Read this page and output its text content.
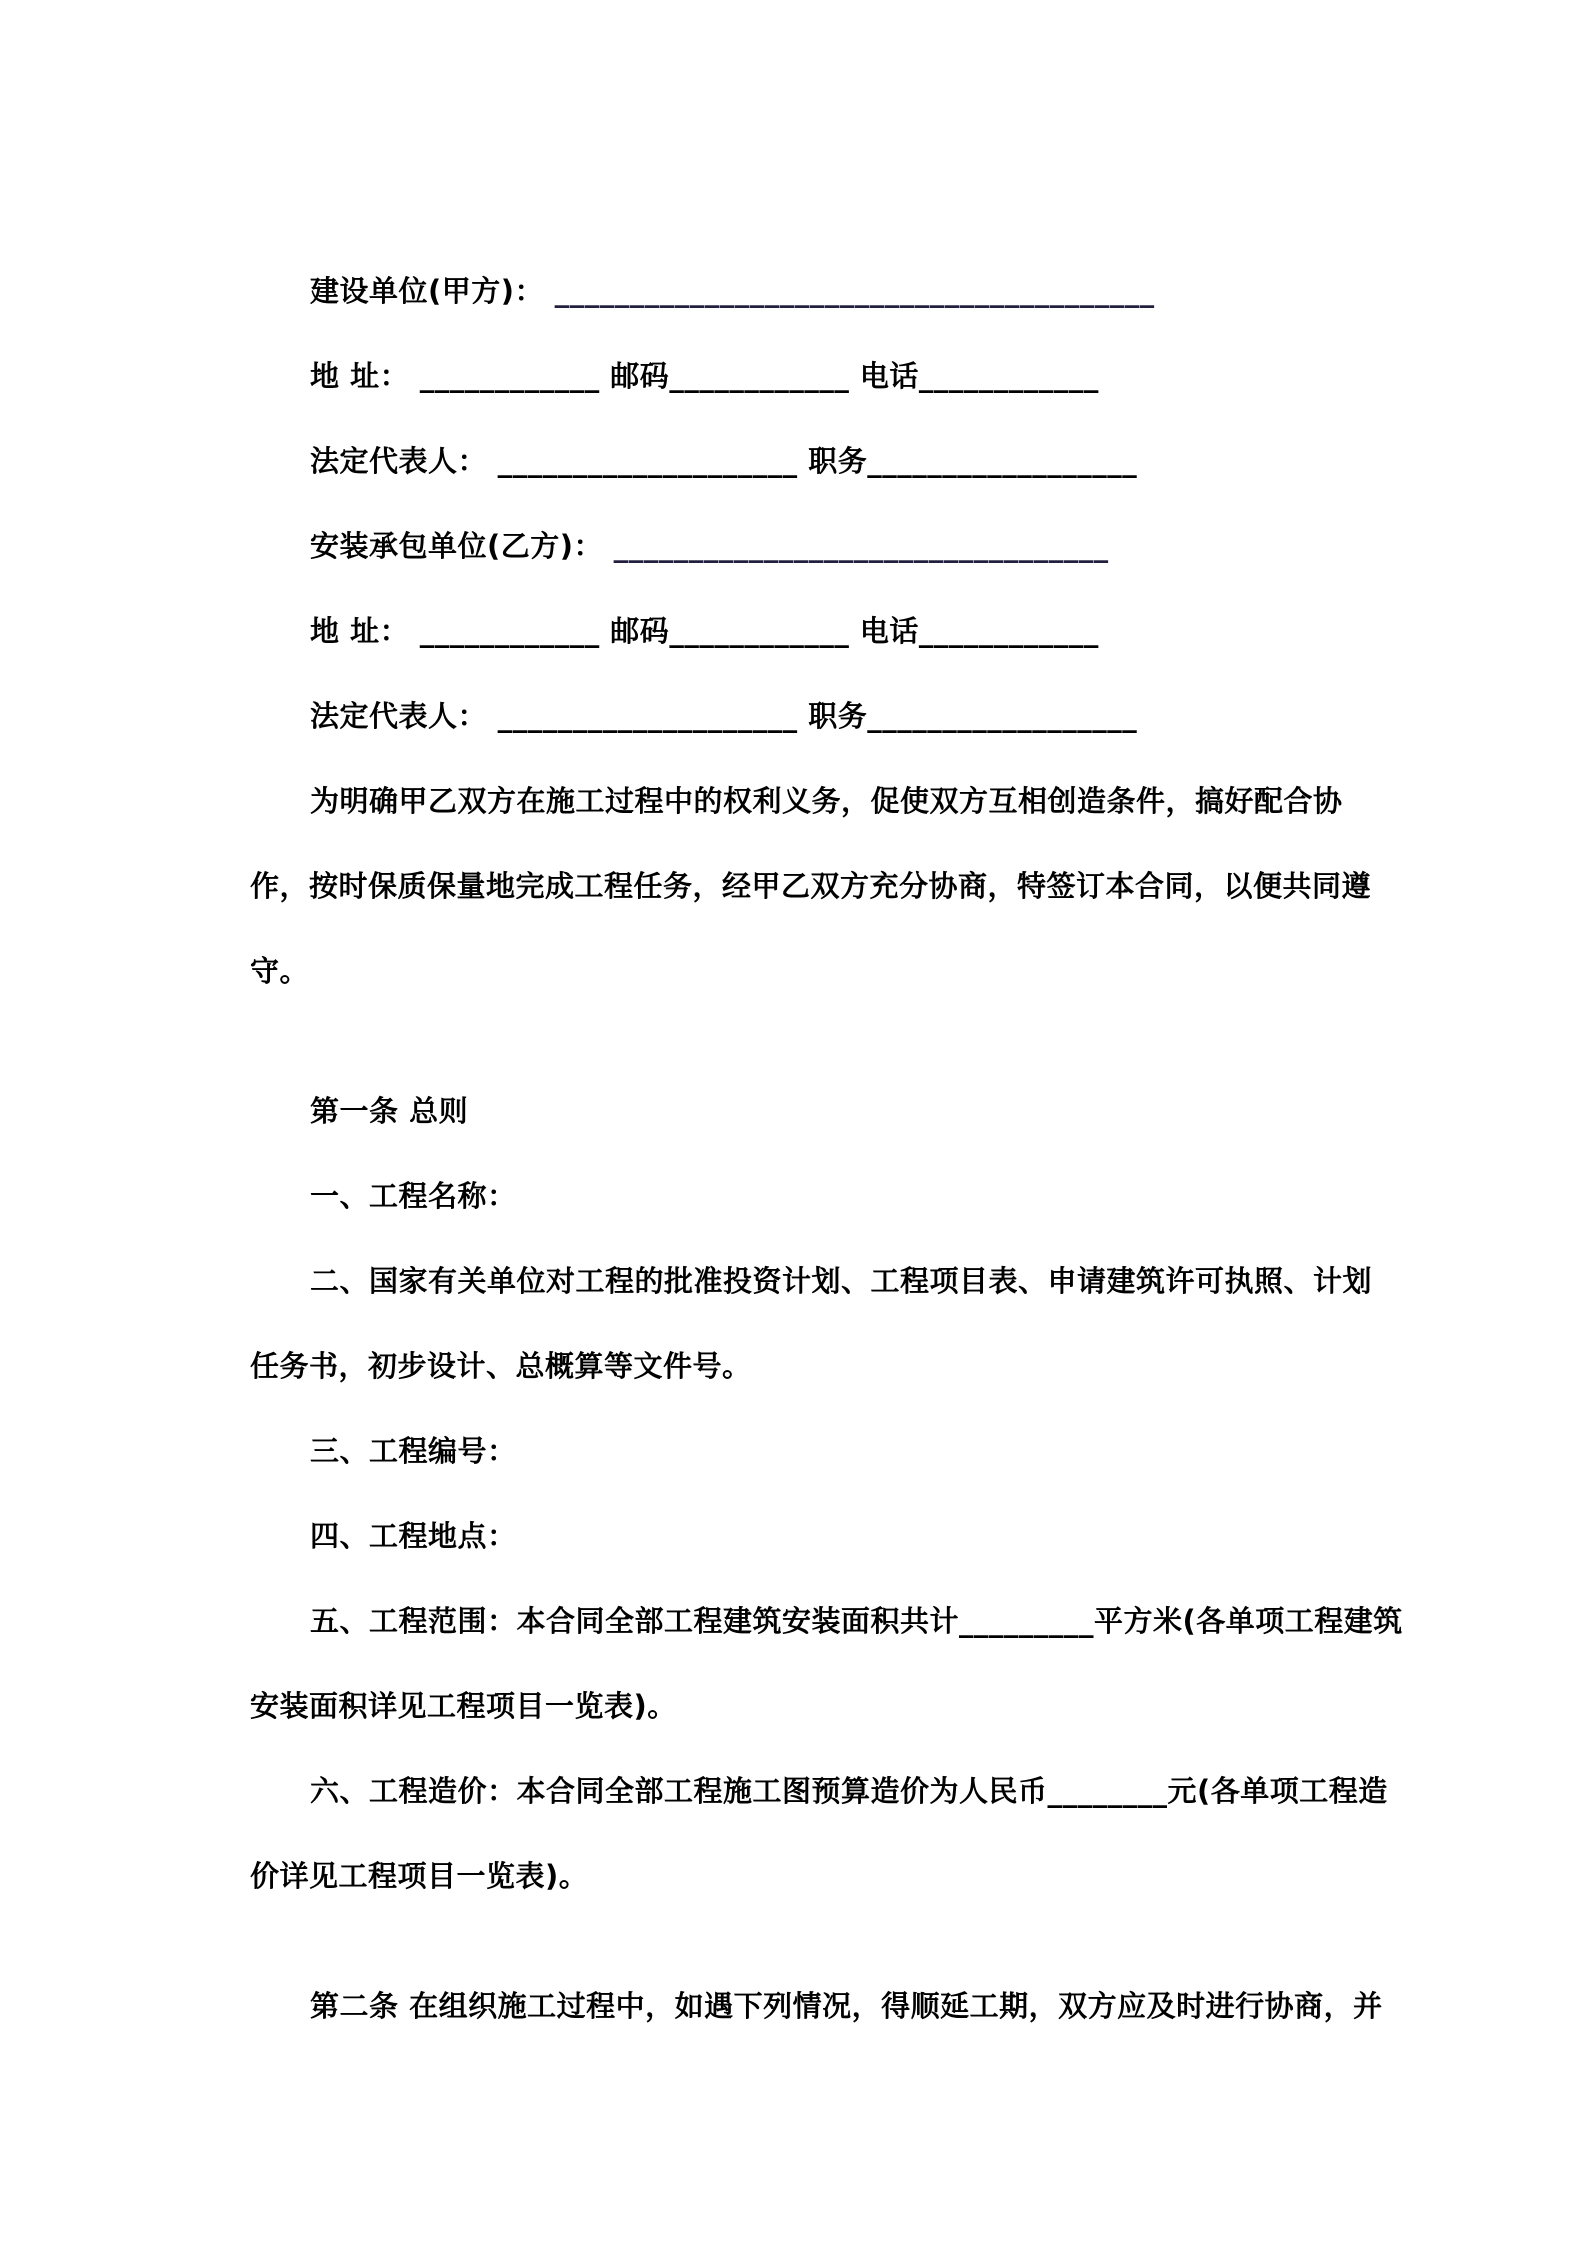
建设单位(甲方)： ________________________________________
地 址： ____________ 邮码____________ 电话____________
法定代表人： ____________________ 职务__________________
安装承包单位(乙方)： _________________________________
地 址： ____________ 邮码____________ 电话____________
法定代表人： ____________________ 职务__________________
为明确甲乙双方在施工过程中的权利义务，促使双方互相创造条件，搞好配合协
作，按时保质保量地完成工程任务，经甲乙双方充分协商，特签订本合同，以便共同遵
守。
第一条 总则
一、工程名称：
二、国家有关单位对工程的批准投资计划、工程项目表、申请建筑许可执照、计划
任务书，初步设计、总概算等文件号。
三、工程编号：
四、工程地点：
五、工程范围：本合同全部工程建筑安装面积共计_________平方米(各单项工程建筑
安装面积详见工程项目一览表)。
六、工程造价：本合同全部工程施工图预算造价为人民币________元(各单项工程造
价详见工程项目一览表)。
第二条 在组织施工过程中，如遇下列情况，得顺延工期，双方应及时进行协商，并
